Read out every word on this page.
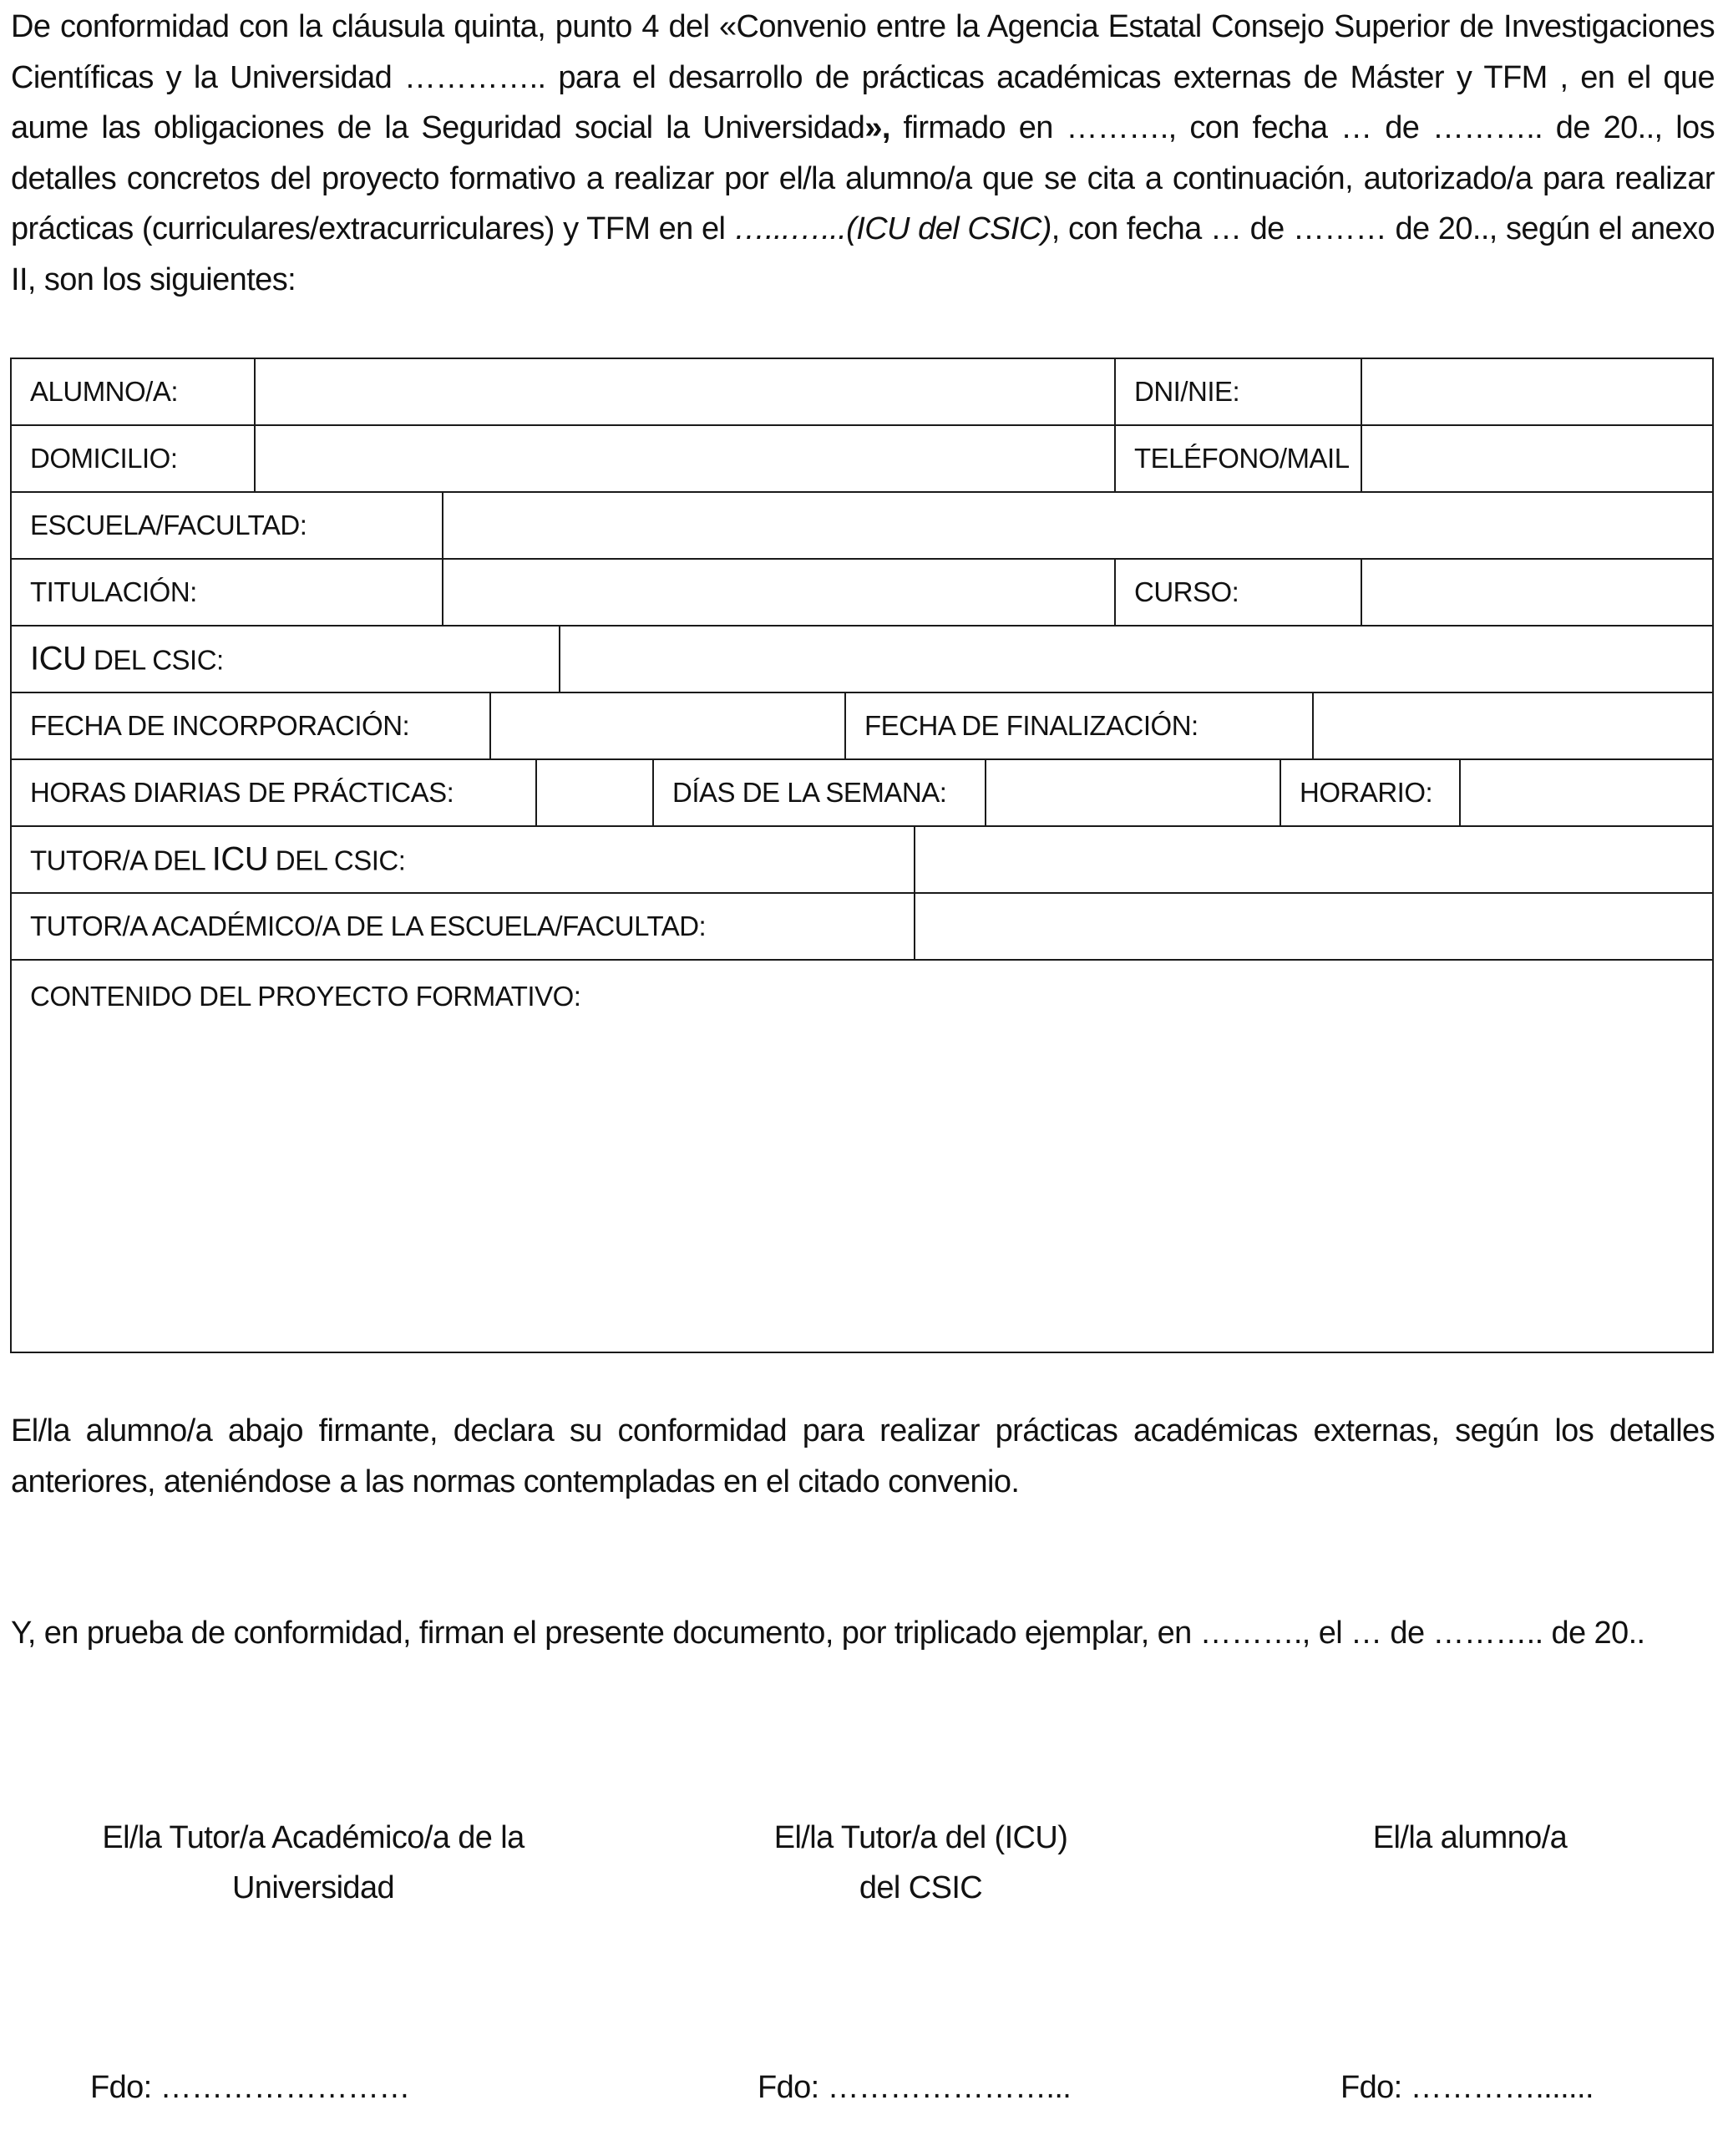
De conformidad con la cláusula quinta, punto 4 del «Convenio entre la Agencia Estatal Consejo Superior de Investigaciones Científicas y la Universidad ………….. para el desarrollo de prácticas académicas externas de Máster y TFM , en el que aume las obligaciones de la Seguridad social la Universidad», firmado en ………., con fecha … de ……….. de 20.., los detalles concretos del proyecto formativo a realizar por el/la alumno/a que se cita a continuación, autorizado/a para realizar prácticas (curriculares/extracurriculares) y TFM en el …...…...(ICU del CSIC), con fecha … de ……… de 20.., según el anexo II, son los siguientes:
ALUMNO/A:	DNI/NIE:
DOMICILIO:	TELÉFONO/MAIL
ESCUELA/FACULTAD:
TITULACIÓN:	CURSO:
ICU DEL CSIC:
FECHA DE INCORPORACIÓN:	FECHA DE FINALIZACIÓN:
HORAS DIARIAS DE PRÁCTICAS:	DÍAS DE LA SEMANA:	HORARIO:
TUTOR/A DEL ICU DEL CSIC:
TUTOR/A ACADÉMICO/A DE LA ESCUELA/FACULTAD:
CONTENIDO DEL PROYECTO FORMATIVO:
El/la alumno/a abajo firmante, declara su conformidad para realizar prácticas académicas externas, según los detalles anteriores, ateniéndose a las normas contempladas en el citado convenio.
Y, en prueba de conformidad, firman el presente documento, por triplicado ejemplar, en ………., el … de ……….. de 20..
El/la Tutor/a Académico/a de la
Universidad
El/la Tutor/a del (ICU)
del CSIC
El/la alumno/a
Fdo: ……………………	Fdo: …………………...	Fdo: ………….......
